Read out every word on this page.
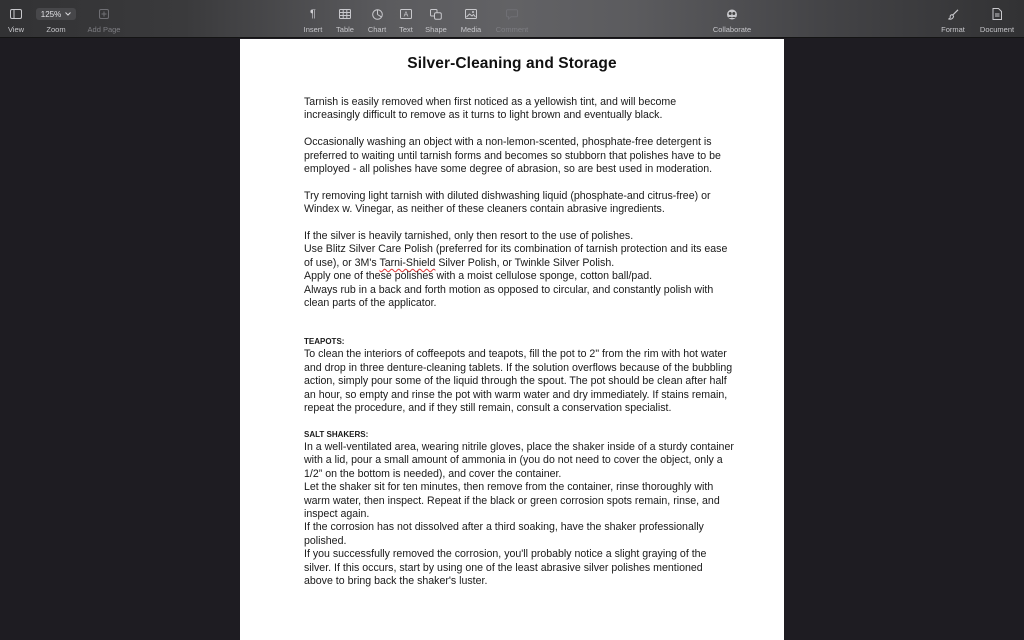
View
125%
Zoom	Add Page
¶
Insert Table Chart
A
Text Shape Media Comment	Collaborate	Format Document
Silver-Cleaning and Storage

Tarnish is easily removed when first noticed as a yellowish tint, and will become increasingly difficult to remove as it turns to light brown and eventually black.

Occasionally washing an object with a non-lemon-scented, phosphate-free detergent is preferred to waiting until tarnish forms and becomes so stubborn that polishes have to be employed - all polishes have some degree of abrasion, so are best used in moderation.

Try removing light tarnish with diluted dishwashing liquid (phosphate-and citrus-free) or Windex w. Vinegar, as neither of these cleaners contain abrasive ingredients.

If the silver is heavily tarnished, only then resort to the use of polishes.

Use Blitz Silver Care Polish (preferred for its combination of tarnish protection and its ease of use), or 3M's Tarni-Shield Silver Polish, or Twinkle Silver Polish.

Apply one of these polishes with a moist cellulose sponge, cotton ball/pad.

Always rub in a back and forth motion as opposed to circular, and constantly polish with clean parts of the applicator.

TEAPOTS:

To clean the interiors of coffeepots and teapots, fill the pot to 2" from the rim with hot water and drop in three denture-cleaning tablets. If the solution overflows because of the bubbling action, simply pour some of the liquid through the spout. The pot should be clean after half an hour, so empty and rinse the pot with warm water and dry immediately. If stains remain, repeat the procedure, and if they still remain, consult a conservation specialist.

SALT SHAKERS:

In a well-ventilated area, wearing nitrile gloves, place the shaker inside of a sturdy container with a lid, pour a small amount of ammonia in (you do not need to cover the object, only a 1/2” on the bottom is needed), and cover the container.

Let the shaker sit for ten minutes, then remove from the container, rinse thoroughly with warm water, then inspect. Repeat if the black or green corrosion spots remain, rinse, and inspect again.

If the corrosion has not dissolved after a third soaking, have the shaker professionally polished.

If you successfully removed the corrosion, you'll probably notice a slight graying of the silver. If this occurs, start by using one of the least abrasive silver polishes mentioned above to bring back the shaker's luster.
